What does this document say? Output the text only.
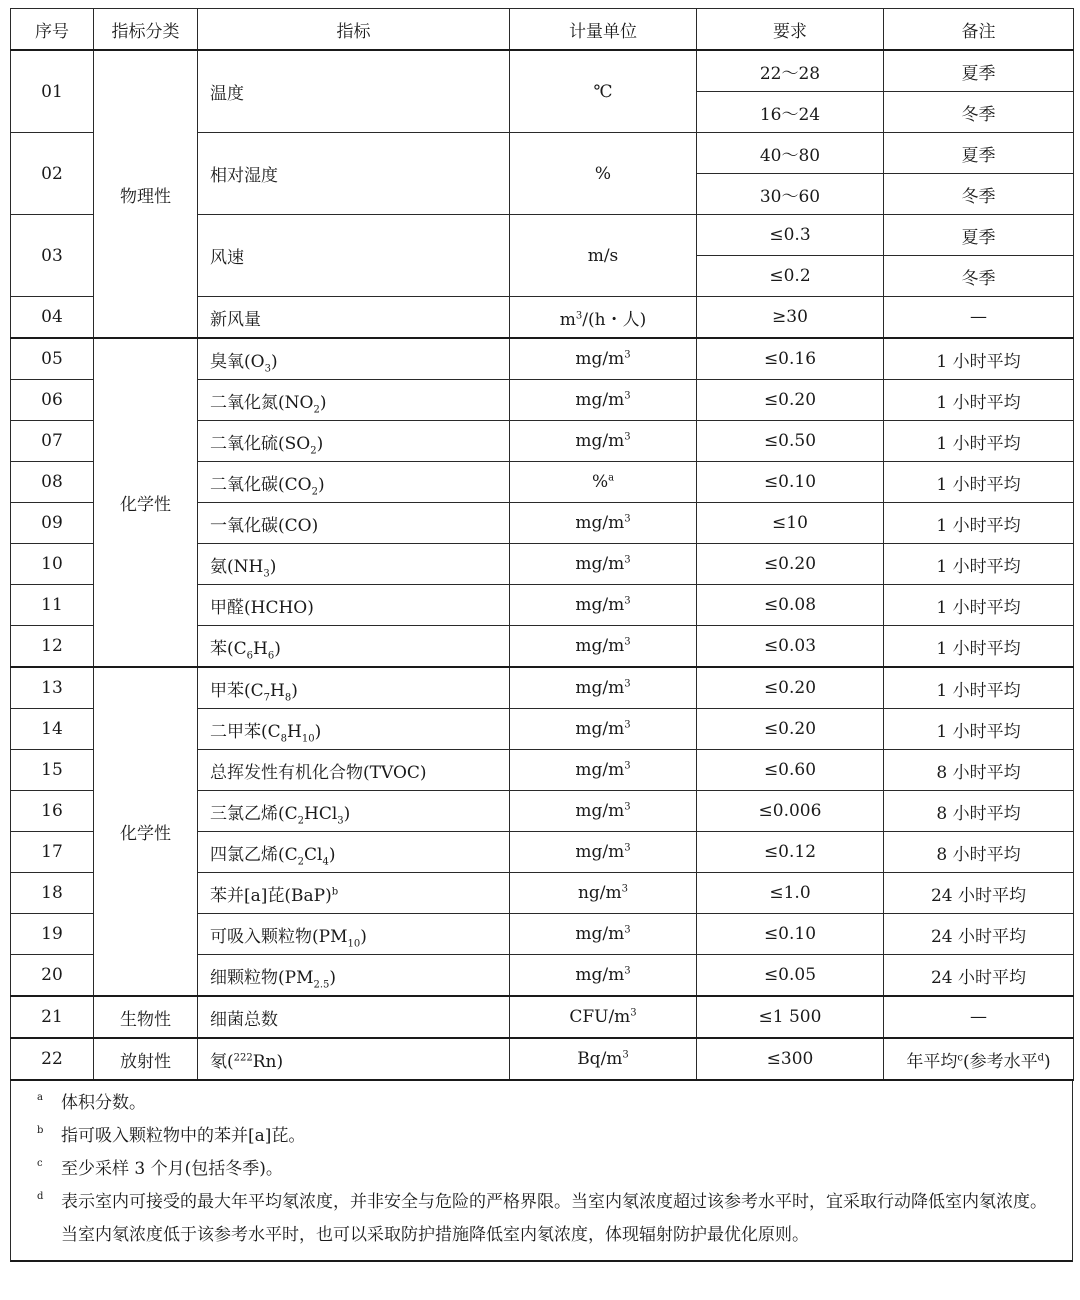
序号	指标分类	指标	计量单位	要求	备注
01	物理性	温度	℃	22～28	夏季
				16～24	冬季
02		相对湿度	%	40～80	夏季
				30～60	冬季
03		风速	m/s	≤0.3	夏季
				≤0.2	冬季
04		新风量	$m^3/(h$・人)	≥30	—
05	化学性	臭氧$(O_3)$	$mg/m^3$	≤0.16	1 小时平均
06		二氧化氮$(NO_2)$	$mg/m^3$	≤0.20	1 小时平均
07		二氧化硫$(SO_2)$	$mg/m^3$	≤0.50	1 小时平均
08		二氧化碳$(CO_2)$	%$^a$	≤0.10	1 小时平均
09		一氧化碳(CO)	$mg/m^3$	≤10	1 小时平均
10		氨$(NH_3)$	$mg/m^3$	≤0.20	1 小时平均
11		甲醛(HCHO)	$mg/m^3$	≤0.08	1 小时平均
12		苯$(C_6H_6)$	$mg/m^3$	≤0.03	1 小时平均
13	化学性	甲苯$(C_7H_8)$	$mg/m^3$	≤0.20	1 小时平均
14		二甲苯$(C_8H_{10})$	$mg/m^3$	≤0.20	1 小时平均
15		总挥发性有机化合物(TVOC)	$mg/m^3$	≤0.60	8 小时平均
16		三氯乙烯$(C_2HCl_3)$	$mg/m^3$	≤0.006	8 小时平均
17		四氯乙烯$(C_2Cl_4)$	$mg/m^3$	≤0.12	8 小时平均
18		苯并[a]芘(BaP)$^b$	$ng/m^3$	≤1.0	24 小时平均
19		可吸入颗粒物$(PM_{10})$	$mg/m^3$	≤0.10	24 小时平均
20		细颗粒物$(PM_{2.5})$	$mg/m^3$	≤0.05	24 小时平均
21	生物性	细菌总数	CFU/$m^3$	≤1 500	—
22	放射性	氡($^{222}$Rn)	$Bq/m^3$	≤300	年平均$^c$(参考水平$^d$)
a 体积分数。
b 指可吸入颗粒物中的苯并[a]芘。
c 至少采样 3 个月(包括冬季)。
d 表示室内可接受的最大年平均氡浓度，并非安全与危险的严格界限。当室内氡浓度超过该参考水平时，宜采取行动降低室内氡浓度。当室内氡浓度低于该参考水平时，也可以采取防护措施降低室内氡浓度，体现辐射防护最优化原则。
